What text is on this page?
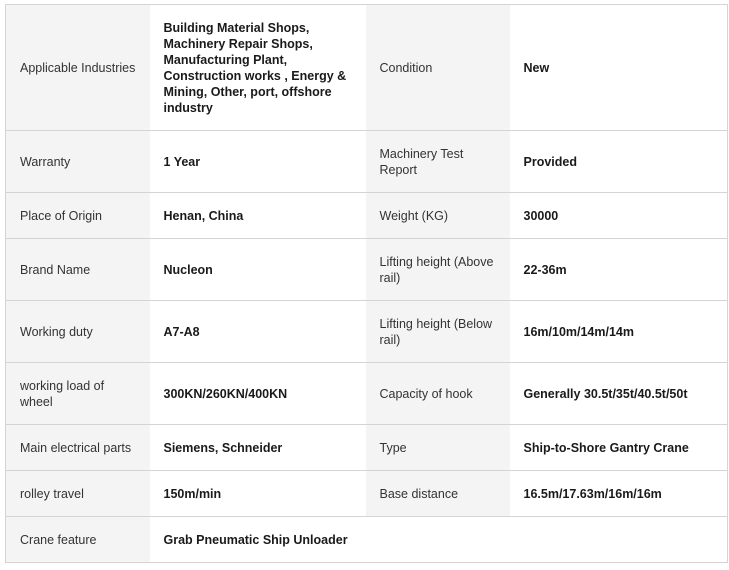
Applicable Industries	Building Material Shops, Machinery Repair Shops, Manufacturing Plant, Construction works , Energy & Mining, Other, port, offshore industry	Condition	New
Warranty	1 Year	Machinery Test Report	Provided
Place of Origin	Henan, China	Weight (KG)	30000
Brand Name	Nucleon	Lifting height (Above rail)	22-36m
Working duty	A7-A8	Lifting height (Below rail)	16m/10m/14m/14m
working load of wheel	300KN/260KN/400KN	Capacity of hook	Generally 30.5t/35t/40.5t/50t
Main electrical parts	Siemens, Schneider	Type	Ship-to-Shore Gantry Crane
rolley travel	150m/min	Base distance	16.5m/17.63m/16m/16m
Crane feature	Grab Pneumatic Ship Unloader		
